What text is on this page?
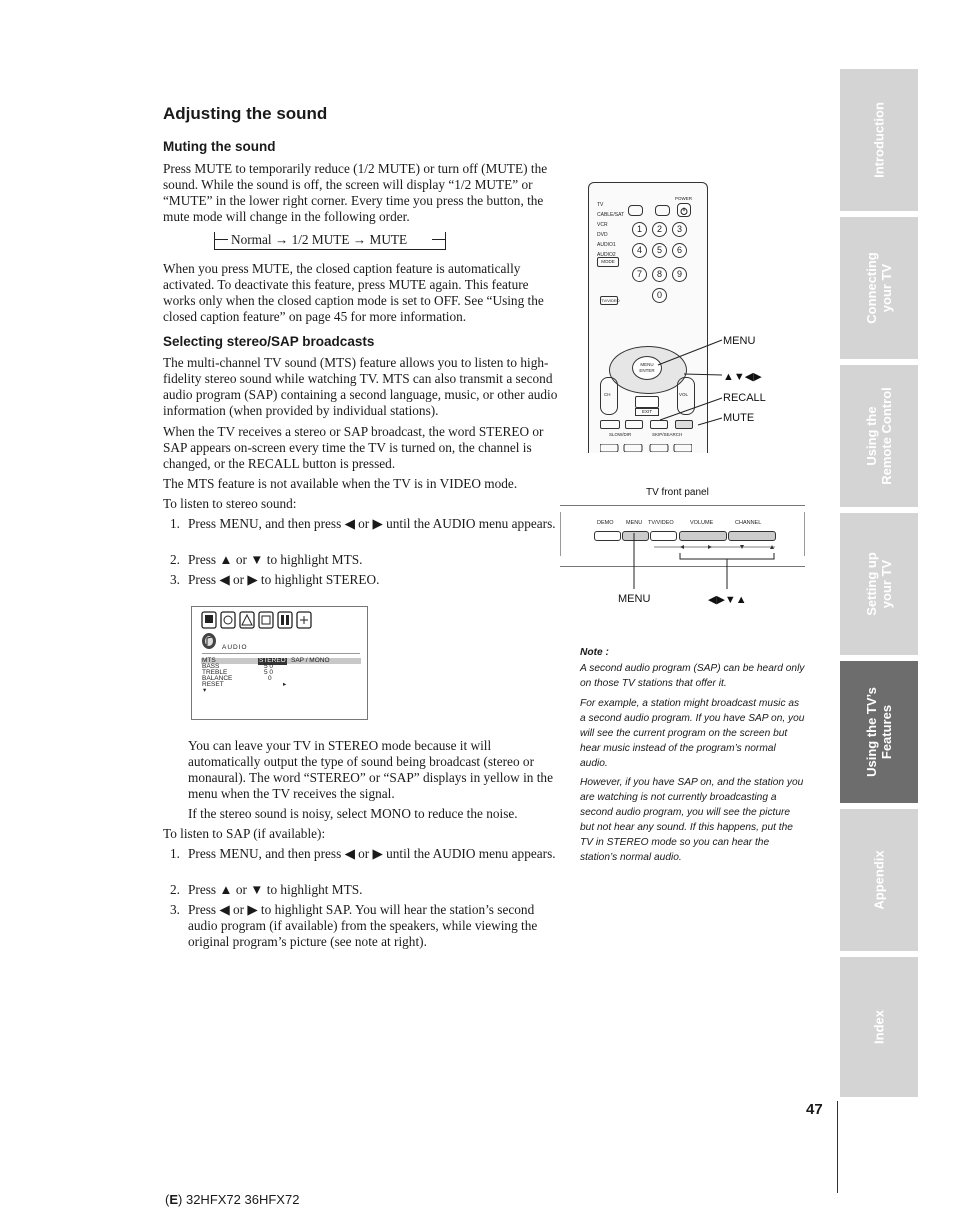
Adjusting the sound
Muting the sound

Press MUTE to temporarily reduce (1/2 MUTE) or turn off (MUTE) the sound. While the sound is off, the screen will display “1/2 MUTE” or “MUTE” in the lower right corner. Every time you press the button, the mute mode will change in the following order.

Normal → 1/2 MUTE → MUTE

When you press MUTE, the closed caption feature is automatically activated. To deactivate this feature, press MUTE again. This feature works only when the closed caption mode is set to OFF. See “Using the closed caption feature” on page 45 for more information.

Selecting stereo/SAP broadcasts

The multi-channel TV sound (MTS) feature allows you to listen to high-fidelity stereo sound while watching TV. MTS can also transmit a second audio program (SAP) containing a second language, music, or other audio information (when provided by individual stations).

When the TV receives a stereo or SAP broadcast, the word STEREO or SAP appears on-screen every time the TV is turned on, the channel is changed, or the RECALL button is pressed.

The MTS feature is not available when the TV is in VIDEO mode.

To listen to stereo sound:

1. Press MENU, and then press ◀ or ▶ until the AUDIO menu appears.
2. Press ▲ or ▼ to highlight MTS.
3. Press ◀ or ▶ to highlight STEREO.
AUDIO
MTS	STEREO SAP / MONO
BASS	5 0
TREBLE	5 0
BALANCE	0
RESET	▸
▾

You can leave your TV in STEREO mode because it will automatically output the type of sound being broadcast (stereo or monaural). The word “STEREO” or “SAP” displays in yellow in the menu when the TV receives the signal.

If the stereo sound is noisy, select MONO to reduce the noise.

To listen to SAP (if available):

1. Press MENU, and then press ◀ or ▶ until the AUDIO menu appears.
2. Press ▲ or ▼ to highlight MTS.
3. Press ◀ or ▶ to highlight SAP. You will hear the station’s second audio program (if available) from the speakers, while viewing the original program’s picture (see note at right).
TV
CABLE/SAT
VCR
DVD
AUDIO1
AUDIO2
MODE
TV/VIDEO
POWER
1	2	3
4	5	6
7	8	9
0
MENU ENTER
CH	VOL
EXIT
SLOW/DIR	SKIP/SEARCH
MENU
▲▼◀▶
RECALL
MUTE
TV front panel
DEMO MENU TV/VIDEO	VOLUME	CHANNEL
MENU	◀▶▼▲

Note :

A second audio program (SAP) can be heard only on those TV stations that offer it.

For example, a station might broadcast music as a second audio program. If you have SAP on, you will see the current program on the screen but hear music instead of the program’s normal audio.

However, if you have SAP on, and the station you are watching is not currently broadcasting a second audio program, you will see the picture but not hear any sound. If this happens, put the TV in STEREO mode so you can hear the station’s normal audio.

Introduction
Connecting
your TV
Using the
Remote Control
Setting up
your TV
Using the TV’s
Features
Appendix
Index
47
(E) 32HFX72 36HFX72
